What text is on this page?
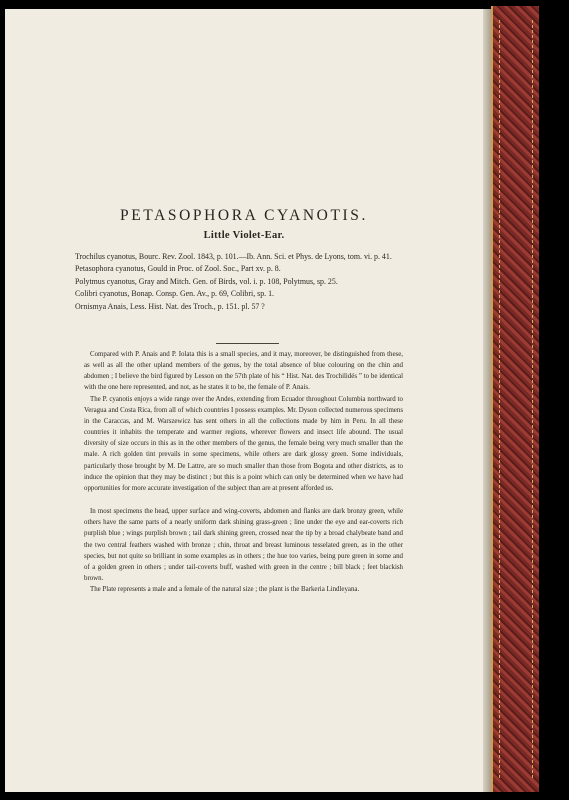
PETASOPHORA CYANOTIS.
Little Violet-Ear.

Trochilus cyanotus, Bourc. Rev. Zool. 1843, p. 101.—Ib. Ann. Sci. et Phys. de Lyons, tom. vi. p. 41.

Petasophora cyanotus, Gould in Proc. of Zool. Soc., Part xv. p. 8.

Polytmus cyanotus, Gray and Mitch. Gen. of Birds, vol. i. p. 108, Polytmus, sp. 25.

Colibri cyanotus, Bonap. Consp. Gen. Av., p. 69, Colibri, sp. 1.

Ornismya Anais, Less. Hist. Nat. des Troch., p. 151. pl. 57 ?

Compared with P. Anais and P. Iolata this is a small species, and it may, moreover, be distinguished from these, as well as all the other upland members of the genus, by the total absence of blue colouring on the chin and abdomen ; I believe the bird figured by Lesson on the 57th plate of his “ Hist. Nat. des Trochilidés ” to be identical with the one here represented, and not, as he states it to be, the female of P. Anais.

The P. cyanotis enjoys a wide range over the Andes, extending from Ecuador throughout Columbia northward to Veragua and Costa Rica, from all of which countries I possess examples. Mr. Dyson collected numerous specimens in the Caraccas, and M. Warszewicz has sent others in all the collections made by him in Peru. In all these countries it inhabits the temperate and warmer regions, wherever flowers and insect life abound. The usual diversity of size occurs in this as in the other members of the genus, the female being very much smaller than the male. A rich golden tint prevails in some specimens, while others are dark glossy green. Some individuals, particularly those brought by M. De Lattre, are so much smaller than those from Bogota and other districts, as to induce the opinion that they may be distinct ; but this is a point which can only be determined when we have had opportunities for more accurate investigation of the subject than are at present afforded us.

In most specimens the head, upper surface and wing-coverts, abdomen and flanks are dark bronzy green, while others have the same parts of a nearly uniform dark shining grass-green ; line under the eye and ear-coverts rich purplish blue ; wings purplish brown ; tail dark shining green, crossed near the tip by a broad chalybeate band and the two central feathers washed with bronze ; chin, throat and breast luminous tesselated green, as in the other species, but not quite so brilliant in some examples as in others ; the hue too varies, being pure green in some and of a golden green in others ; under tail-coverts buff, washed with green in the centre ; bill black ; feet blackish brown.

The Plate represents a male and a female of the natural size ; the plant is the Barkeria Lindleyana.
